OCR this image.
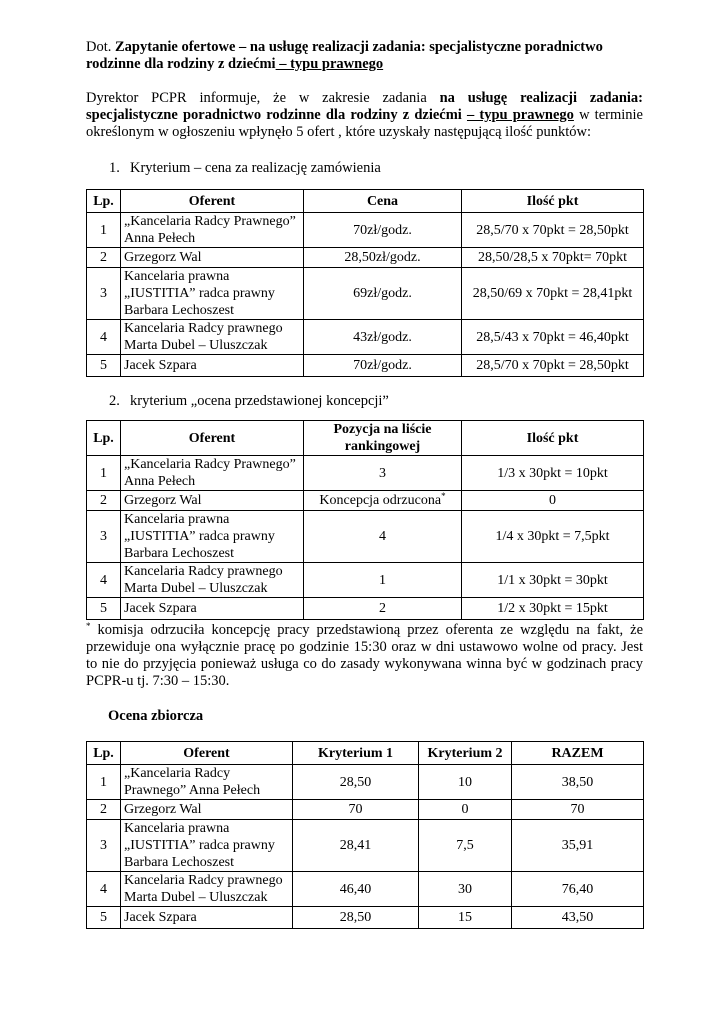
Dot. Zapytanie ofertowe – na usługę realizacji zadania: specjalistyczne poradnictwo rodzinne dla rodziny z dziećmi – typu prawnego

Dyrektor PCPR informuje, że w zakresie zadania na usługę realizacji zadania: specjalistyczne poradnictwo rodzinne dla rodziny z dziećmi – typu prawnego w terminie określonym w ogłoszeniu wpłynęło 5 ofert , które uzyskały następującą ilość punktów:

1. Kryterium – cena za realizację zamówienia

Lp.	Oferent	Cena	Ilość pkt
1	„Kancelaria Radcy Prawnego” Anna Pełech	70zł/godz.	28,5/70 x 70pkt = 28,50pkt
2	Grzegorz Wal	28,50zł/godz.	28,50/28,5 x 70pkt= 70pkt
3	Kancelaria prawna „IUSTITIA” radca prawny Barbara Lechoszest	69zł/godz.	28,50/69 x 70pkt = 28,41pkt
4	Kancelaria Radcy prawnego Marta Dubel – Uluszczak	43zł/godz.	28,5/43 x 70pkt = 46,40pkt
5	Jacek Szpara	70zł/godz.	28,5/70 x 70pkt = 28,50pkt

2. kryterium „ocena przedstawionej koncepcji”

Lp.	Oferent	Pozycja na liście rankingowej	Ilość pkt
1	„Kancelaria Radcy Prawnego” Anna Pełech	3	1/3 x 30pkt = 10pkt
2	Grzegorz Wal	Koncepcja odrzucona*	0
3	Kancelaria prawna „IUSTITIA” radca prawny Barbara Lechoszest	4	1/4 x 30pkt = 7,5pkt
4	Kancelaria Radcy prawnego Marta Dubel – Uluszczak	1	1/1 x 30pkt = 30pkt
5	Jacek Szpara	2	1/2 x 30pkt = 15pkt

* komisja odrzuciła koncepcję pracy przedstawioną przez oferenta ze względu na fakt, że przewiduje ona wyłącznie pracę po godzinie 15:30 oraz w dni ustawowo wolne od pracy. Jest to nie do przyjęcia ponieważ usługa co do zasady wykonywana winna być w godzinach pracy PCPR-u tj. 7:30 – 15:30.

Ocena zbiorcza

Lp.	Oferent	Kryterium 1	Kryterium 2	RAZEM
1	„Kancelaria Radcy Prawnego” Anna Pełech	28,50	10	38,50
2	Grzegorz Wal	70	0	70
3	Kancelaria prawna „IUSTITIA” radca prawny Barbara Lechoszest	28,41	7,5	35,91
4	Kancelaria Radcy prawnego Marta Dubel – Uluszczak	46,40	30	76,40
5	Jacek Szpara	28,50	15	43,50
